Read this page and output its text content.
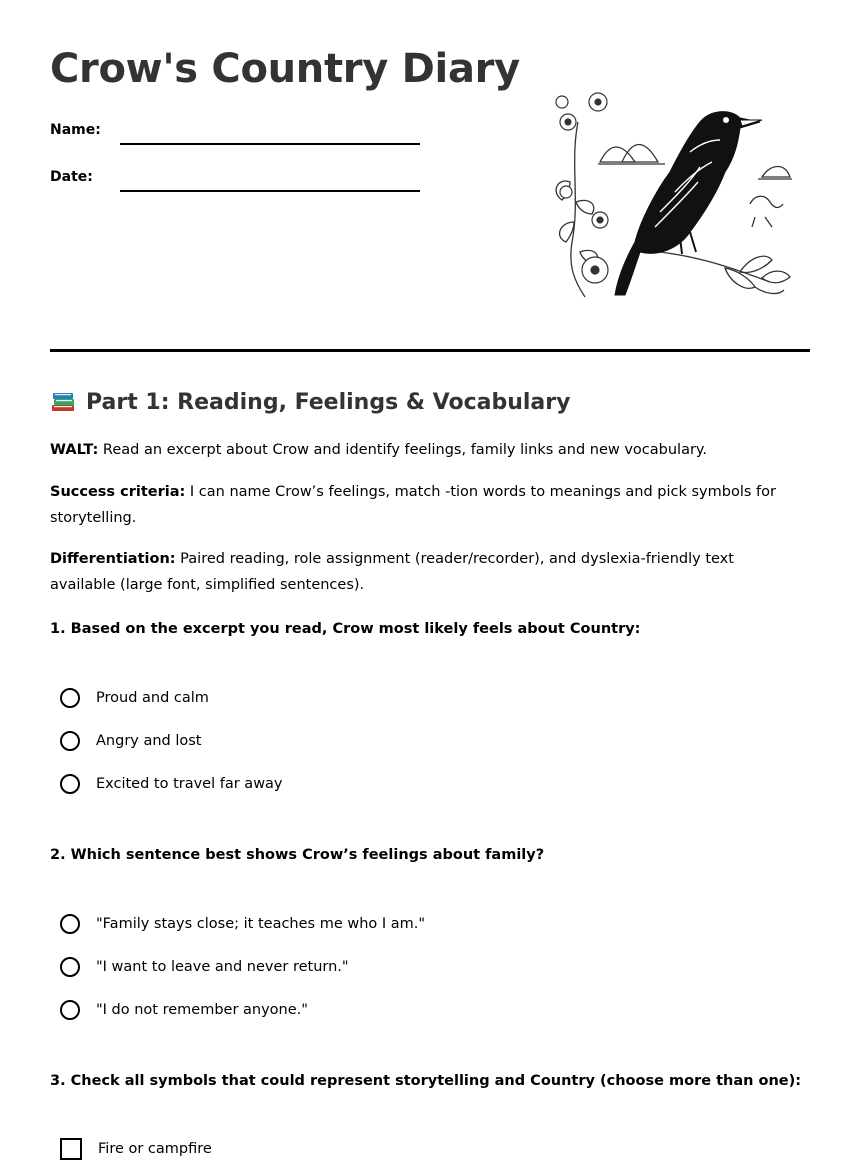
Crow's Country Diary
Name:
Date:
Part 1: Reading, Feelings & Vocabulary

WALT: Read an excerpt about Crow and identify feelings, family links and new vocabulary.

Success criteria: I can name Crow’s feelings, match -tion words to meanings and pick symbols for storytelling.

Differentiation: Paired reading, role assignment (reader/recorder), and dyslexia-friendly text available (large font, simplified sentences).

1. Based on the excerpt you read, Crow most likely feels about Country:

Proud and calm
Angry and lost
Excited to travel far away

2. Which sentence best shows Crow’s feelings about family?

"Family stays close; it teaches me who I am."
"I want to leave and never return."
"I do not remember anyone."

3. Check all symbols that could represent storytelling and Country (choose more than one):

Fire or campfire
